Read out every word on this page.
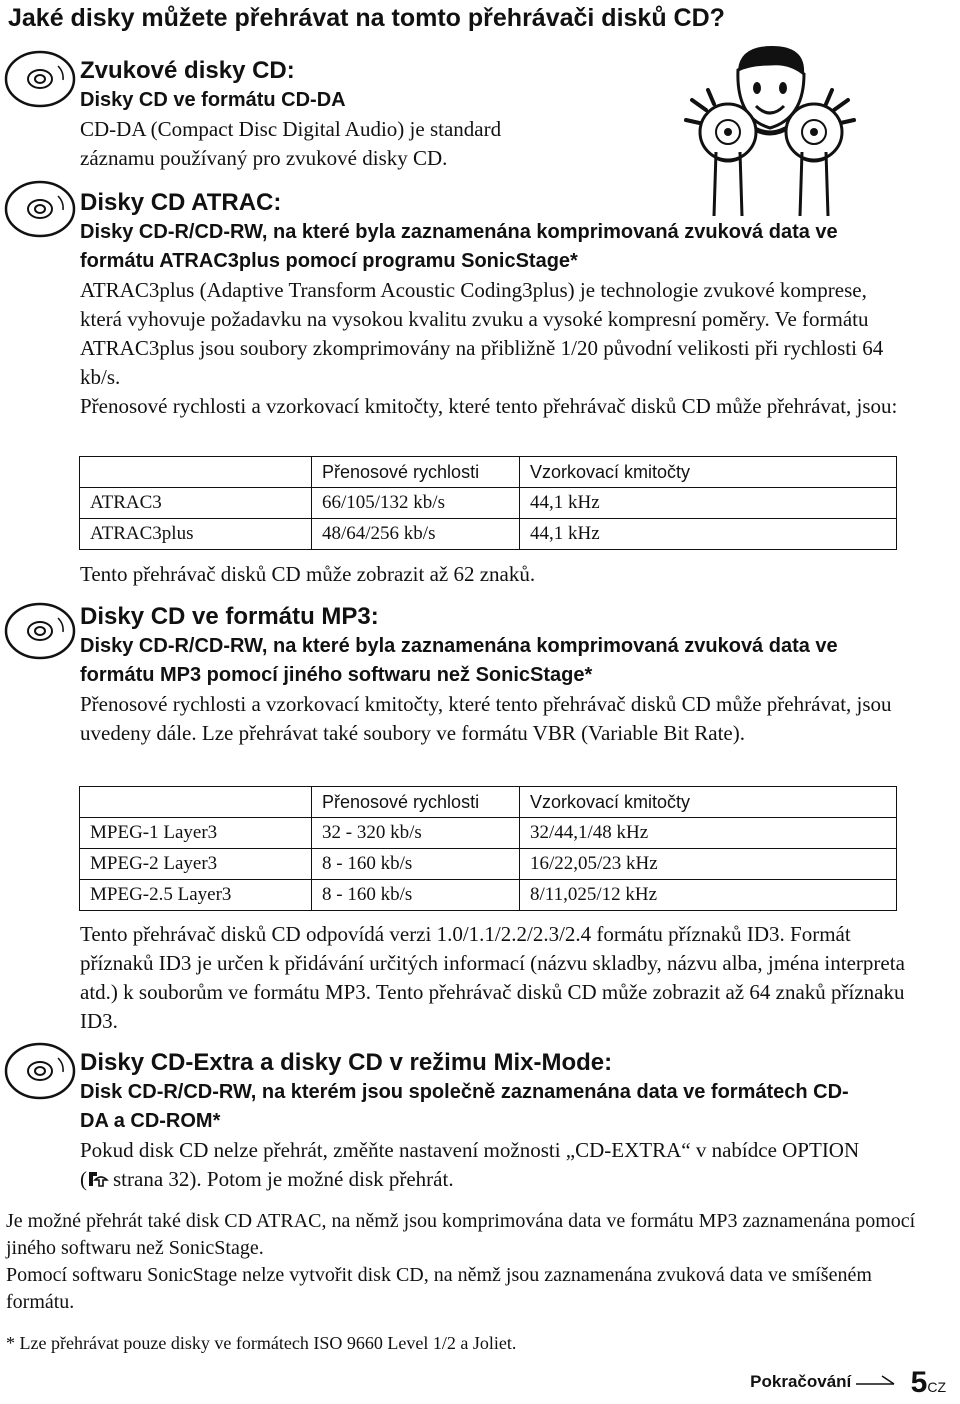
Jaké disky můžete přehrávat na tomto přehrávači disků CD?
Zvukové disky CD:

Disky CD ve formátu CD-DA

CD-DA (Compact Disc Digital Audio) je standard

záznamu používaný pro zvukové disky CD.

Disky CD ATRAC:

Disky CD-R/CD-RW, na které byla zaznamenána komprimovaná zvuková data ve formátu ATRAC3plus pomocí programu SonicStage*

ATRAC3plus (Adaptive Transform Acoustic Coding3plus) je technologie zvukové komprese, která vyhovuje požadavku na vysokou kvalitu zvuku a vysoké kompresní poměry. Ve formátu ATRAC3plus jsou soubory zkomprimovány na přibližně 1/20 původní velikosti při rychlosti 64 kb/s.

Přenosové rychlosti a vzorkovací kmitočty, které tento přehrávač disků CD může přehrávat, jsou:

	Přenosové rychlosti	Vzorkovací kmitočty
ATRAC3	66/105/132 kb/s	44,1 kHz
ATRAC3plus	48/64/256 kb/s	44,1 kHz

Tento přehrávač disků CD může zobrazit až 62 znaků.

Disky CD ve formátu MP3:

Disky CD-R/CD-RW, na které byla zaznamenána komprimovaná zvuková data ve formátu MP3 pomocí jiného softwaru než SonicStage*

Přenosové rychlosti a vzorkovací kmitočty, které tento přehrávač disků CD může přehrávat, jsou uvedeny dále. Lze přehrávat také soubory ve formátu VBR (Variable Bit Rate).

	Přenosové rychlosti	Vzorkovací kmitočty
MPEG-1 Layer3	32 - 320 kb/s	32/44,1/48 kHz
MPEG-2 Layer3	8 - 160 kb/s	16/22,05/23 kHz
MPEG-2.5 Layer3	8 - 160 kb/s	8/11,025/12 kHz

Tento přehrávač disků CD odpovídá verzi 1.0/1.1/2.2/2.3/2.4 formátu příznaků ID3. Formát příznaků ID3 je určen k přidávání určitých informací (názvu skladby, názvu alba, jména interpreta atd.) k souborům ve formátu MP3. Tento přehrávač disků CD může zobrazit až 64 znaků příznaku ID3.

Disky CD-Extra a disky CD v režimu Mix-Mode:

Disk CD-R/CD-RW, na kterém jsou společně zaznamenána data ve formátech CD-DA a CD-ROM*

Pokud disk CD nelze přehrát, změňte nastavení možnosti „CD-EXTRA“ v nabídce OPTION ( strana 32). Potom je možné disk přehrát.

Je možné přehrát také disk CD ATRAC, na němž jsou komprimována data ve formátu MP3 zaznamenána pomocí jiného softwaru než SonicStage.

Pomocí softwaru SonicStage nelze vytvořit disk CD, na němž jsou zaznamenána zvuková data ve smíšeném formátu.

* Lze přehrávat pouze disky ve formátech ISO 9660 Level 1/2 a Joliet.

Pokračování	5CZ
